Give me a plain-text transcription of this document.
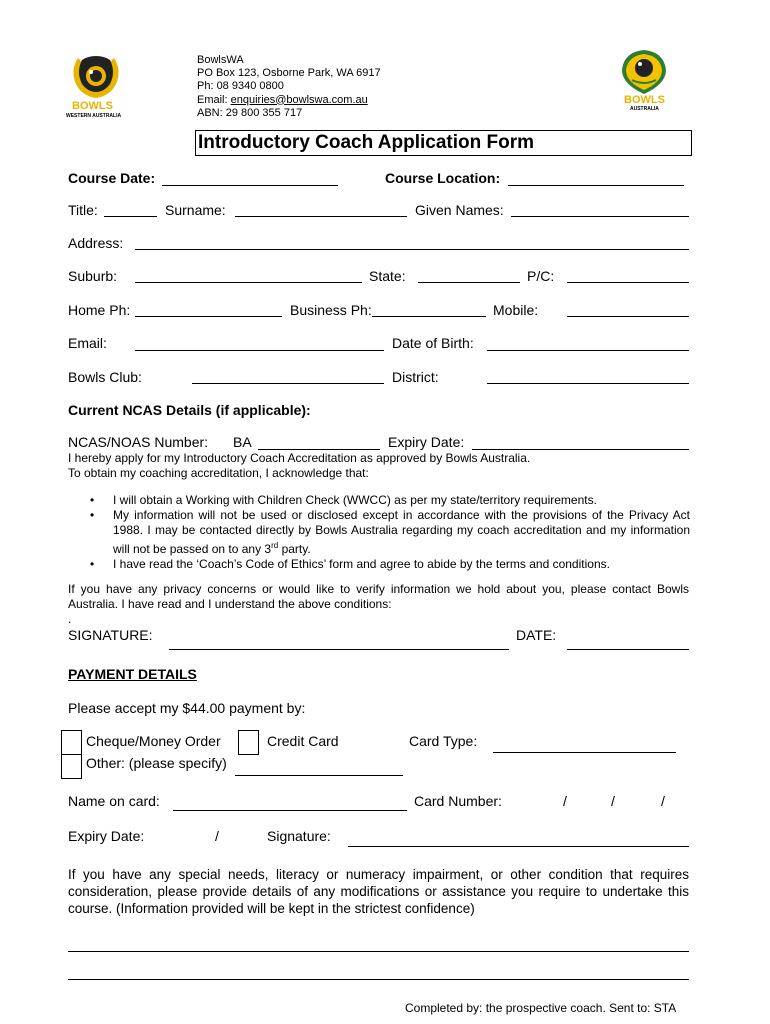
BOWLS
WESTERN AUSTRALIA
BOWLS
AUSTRALIA
BowlsWA
PO Box 123, Osborne Park, WA 6917
Ph: 08 9340 0800
Email: enquiries@bowlswa.com.au
ABN: 29 800 355 717
Introductory Coach Application Form
Course Date:	Course Location:
Title:	Surname:	Given Names:
Address:
Suburb:	State:	P/C:
Home Ph:	Business Ph:	Mobile:
Email:	Date of Birth:
Bowls Club:	District:
Current NCAS Details (if applicable):
NCAS/NOAS Number: BA	Expiry Date:
I hereby apply for my Introductory Coach Accreditation as approved by Bowls Australia.
To obtain my coaching accreditation, I acknowledge that:
• I will obtain a Working with Children Check (WWCC) as per my state/territory requirements.
• My information will not be used or disclosed except in accordance with the provisions of the Privacy Act 1988. I may be contacted directly by Bowls Australia regarding my coach accreditation and my information will not be passed on to any 3rd party.
• I have read the ‘Coach’s Code of Ethics’ form and agree to abide by the terms and conditions.
If you have any privacy concerns or would like to verify information we hold about you, please contact Bowls Australia. I have read and I understand the above conditions:
.
SIGNATURE:	DATE:
PAYMENT DETAILS
Please accept my $44.00 payment by:
Cheque/Money Order	Credit Card	Card Type:
Other: (please specify)
Name on card:	Card Number:	/	/	/
Expiry Date:	/	Signature:
If you have any special needs, literacy or numeracy impairment, or other condition that requires consideration, please provide details of any modifications or assistance you require to undertake this course. (Information provided will be kept in the strictest confidence)
Completed by: the prospective coach. Sent to: STA
